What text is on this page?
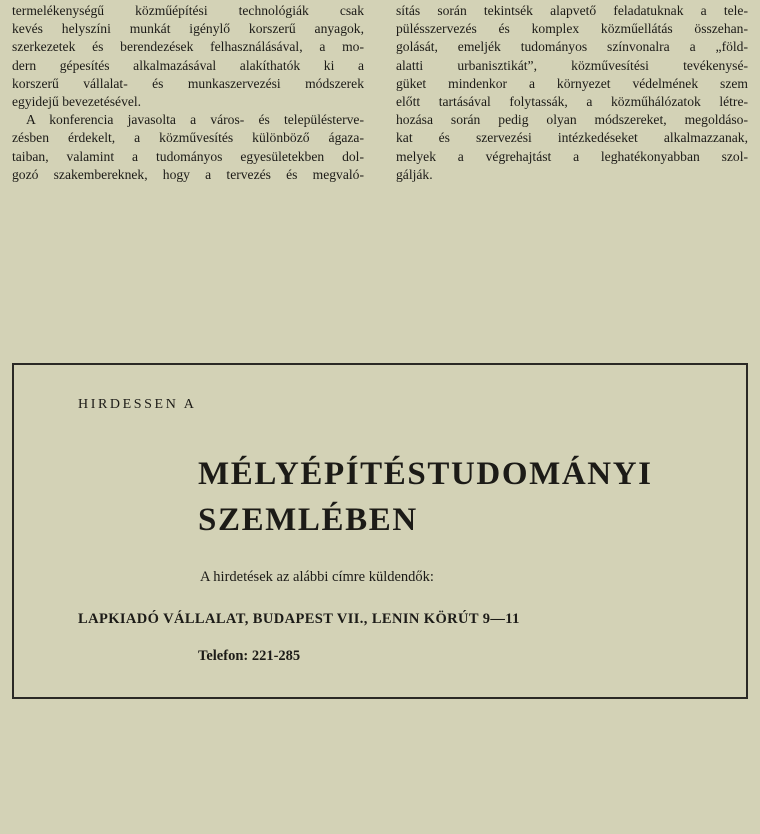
termelékenységű közműépítési technológiák csak
kevés helyszíni munkát igénylő korszerű anyagok,
szerkezetek és berendezések felhasználásával, a mo-
dern gépesítés alkalmazásával alakíthatók ki a
korszerű vállalat- és munkaszervezési módszerek
egyidejű bevezetésével.
A konferencia javasolta a város- és településterve-
zésben érdekelt, a közművesítés különböző ágaza-
taiban, valamint a tudományos egyesületekben dol-
gozó szakembereknek, hogy a tervezés és megvaló-
sítás során tekintsék alapvető feladatuknak a tele-
pülésszervezés és komplex közműellátás összehan-
golását, emeljék tudományos színvonalra a „föld-
alatti urbanisztikát”, közművesítési tevékenysé-
güket mindenkor a környezet védelmének szem
előtt tartásával folytassák, a közműhálózatok létre-
hozása során pedig olyan módszereket, megoldáso-
kat és szervezési intézkedéseket alkalmazzanak,
melyek a végrehajtást a leghatékonyabban szol-
gálják.
HIRDESSEN A
MÉLYÉPÍTÉSTUDOMÁNYI
SZEMLÉBEN
A hirdetések az alábbi címre küldendők:
LAPKIADÓ VÁLLALAT, BUDAPEST VII., LENIN KÖRÚT 9—11
Telefon: 221-285
